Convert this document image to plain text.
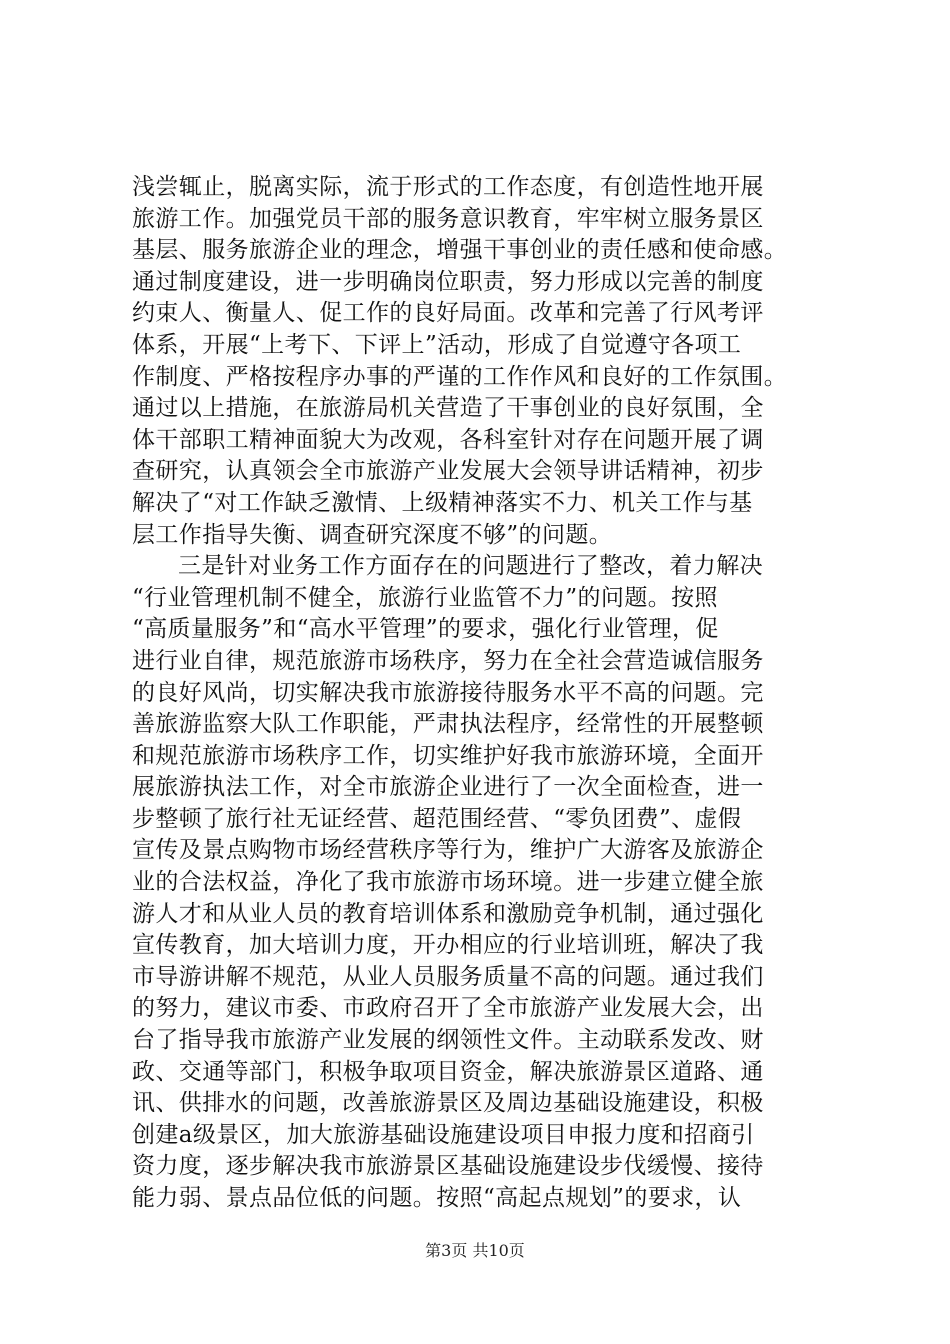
浅尝辄止，脱离实际，流于形式的工作态度，有创造性地开展
旅游工作。加强党员干部的服务意识教育，牢牢树立服务景区
基层、服务旅游企业的理念，增强干事创业的责任感和使命感。
通过制度建设，进一步明确岗位职责，努力形成以完善的制度
约束人、衡量人、促工作的良好局面。改革和完善了行风考评
体系，开展“上考下、下评上”活动，形成了自觉遵守各项工
作制度、严格按程序办事的严谨的工作作风和良好的工作氛围。
通过以上措施，在旅游局机关营造了干事创业的良好氛围，全
体干部职工精神面貌大为改观，各科室针对存在问题开展了调
查研究，认真领会全市旅游产业发展大会领导讲话精神，初步
解决了“对工作缺乏激情、上级精神落实不力、机关工作与基
层工作指导失衡、调查研究深度不够”的问题。
三是针对业务工作方面存在的问题进行了整改，着力解决
“行业管理机制不健全，旅游行业监管不力”的问题。按照
“高质量服务”和“高水平管理”的要求，强化行业管理，促
进行业自律，规范旅游市场秩序，努力在全社会营造诚信服务
的良好风尚，切实解决我市旅游接待服务水平不高的问题。完
善旅游监察大队工作职能，严肃执法程序，经常性的开展整顿
和规范旅游市场秩序工作，切实维护好我市旅游环境，全面开
展旅游执法工作，对全市旅游企业进行了一次全面检查，进一
步整顿了旅行社无证经营、超范围经营、“零负团费”、虚假
宣传及景点购物市场经营秩序等行为，维护广大游客及旅游企
业的合法权益，净化了我市旅游市场环境。进一步建立健全旅
游人才和从业人员的教育培训体系和激励竞争机制，通过强化
宣传教育，加大培训力度，开办相应的行业培训班，解决了我
市导游讲解不规范，从业人员服务质量不高的问题。通过我们
的努力，建议市委、市政府召开了全市旅游产业发展大会，出
台了指导我市旅游产业发展的纲领性文件。主动联系发改、财
政、交通等部门，积极争取项目资金，解决旅游景区道路、通
讯、供排水的问题，改善旅游景区及周边基础设施建设，积极
创建a级景区，加大旅游基础设施建设项目申报力度和招商引
资力度，逐步解决我市旅游景区基础设施建设步伐缓慢、接待
能力弱、景点品位低的问题。按照“高起点规划”的要求，认
第3页 共10页
